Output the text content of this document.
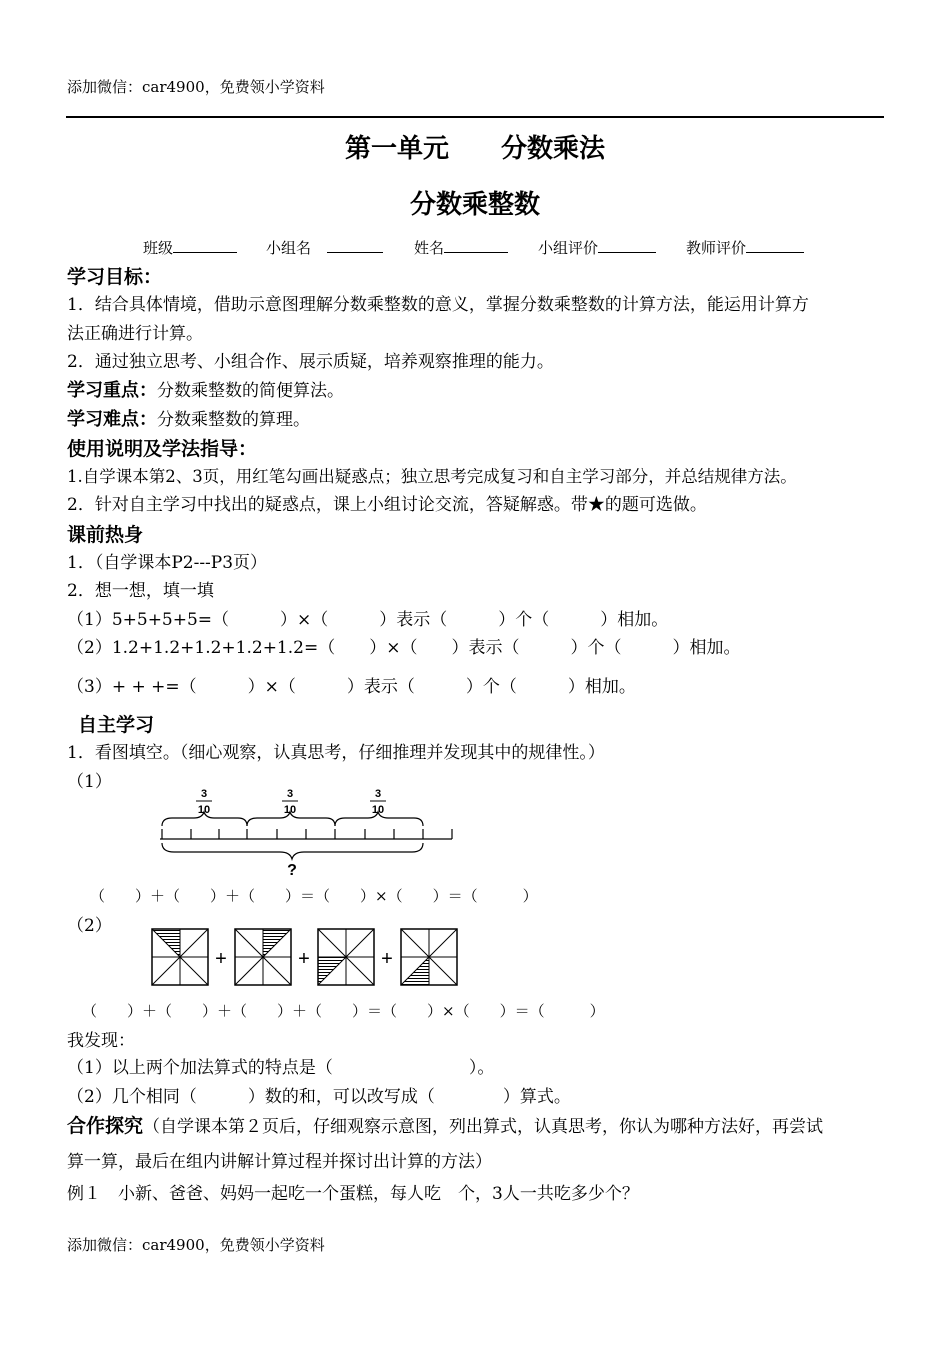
添加微信：car4900，免费领小学资料
第一单元　　分数乘法
分数乘整数
班级	小组名	姓名	小组评价	教师评价
学习目标：
1．结合具体情境，借助示意图理解分数乘整数的意义，掌握分数乘整数的计算方法，能运用计算方
法正确进行计算。
2．通过独立思考、小组合作、展示质疑，培养观察推理的能力。
学习重点：分数乘整数的简便算法。
学习难点：分数乘整数的算理。
使用说明及学法指导：
1.自学课本第2、3页，用红笔勾画出疑惑点；独立思考完成复习和自主学习部分，并总结规律方法。
2．针对自主学习中找出的疑惑点，课上小组讨论交流，答疑解惑。带★的题可选做。
课前热身
1．（自学课本P2---P3页）
2．想一想，填一填
（1）5+5+5+5=（　　　）×（　　　）表示（　　　）个（　　　）相加。
（2）1.2+1.2+1.2+1.2+1.2=（　　）×（　　）表示（　　　）个（　　　）相加。
（3）+ + +=（　　　）×（　　　）表示（　　　）个（　　　）相加。
自主学习
1．看图填空。（细心观察，认真思考，仔细推理并发现其中的规律性。）
（1）
3
10
3
10
3
10
?
（　　）＋（　　）＋（　　）＝（　　）×（　　）＝（　　　）
（2）
+	+	+
（　　）＋（　　）＋（　　）＋（　　）＝（　　）×（　　）＝（　　　）
我发现：
（1）以上两个加法算式的特点是（　　　　　　　　）。
（2）几个相同（　　　）数的和，可以改写成（　　　　）算式。
合作探究（自学课本第２页后，仔细观察示意图，列出算式，认真思考，你认为哪种方法好，再尝试
算一算，最后在组内讲解计算过程并探讨出计算的方法）
例１　小新、爸爸、妈妈一起吃一个蛋糕，每人吃　个，3人一共吃多少个？
添加微信：car4900，免费领小学资料
